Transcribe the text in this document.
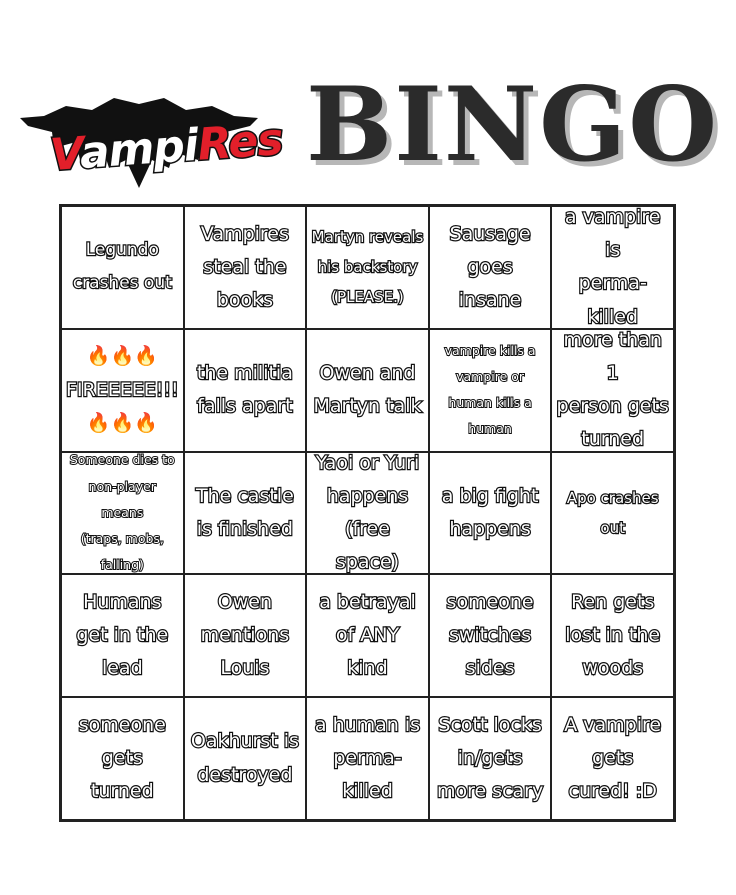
VampiRes BINGO
Legundo
crashes out
Vampires
steal the
books
Martyn reveals
his backstory
(PLEASE.)
Sausage
goes insane
a vampire is
perma-killed
🔥🔥🔥
FIREEEEE!!!
🔥🔥🔥
the militia
falls apart
Owen and
Martyn talk
vampire kills a
vampire or
human kills a
human
more than 1
person gets
turned
Someone dies to
non-player means
(traps, mobs,
falling)
The castle
is finished
Yaoi or Yuri
happens
(free space)
a big fight
happens
Apo crashes
out
Humans
get in the
lead
Owen
mentions
Louis
a betrayal
of ANY
kind
someone
switches
sides
Ren gets
lost in the
woods
someone
gets
turned
Oakhurst is
destroyed
a human is
perma-killed
Scott locks
in/gets
more scary
A vampire
gets
cured! :D
